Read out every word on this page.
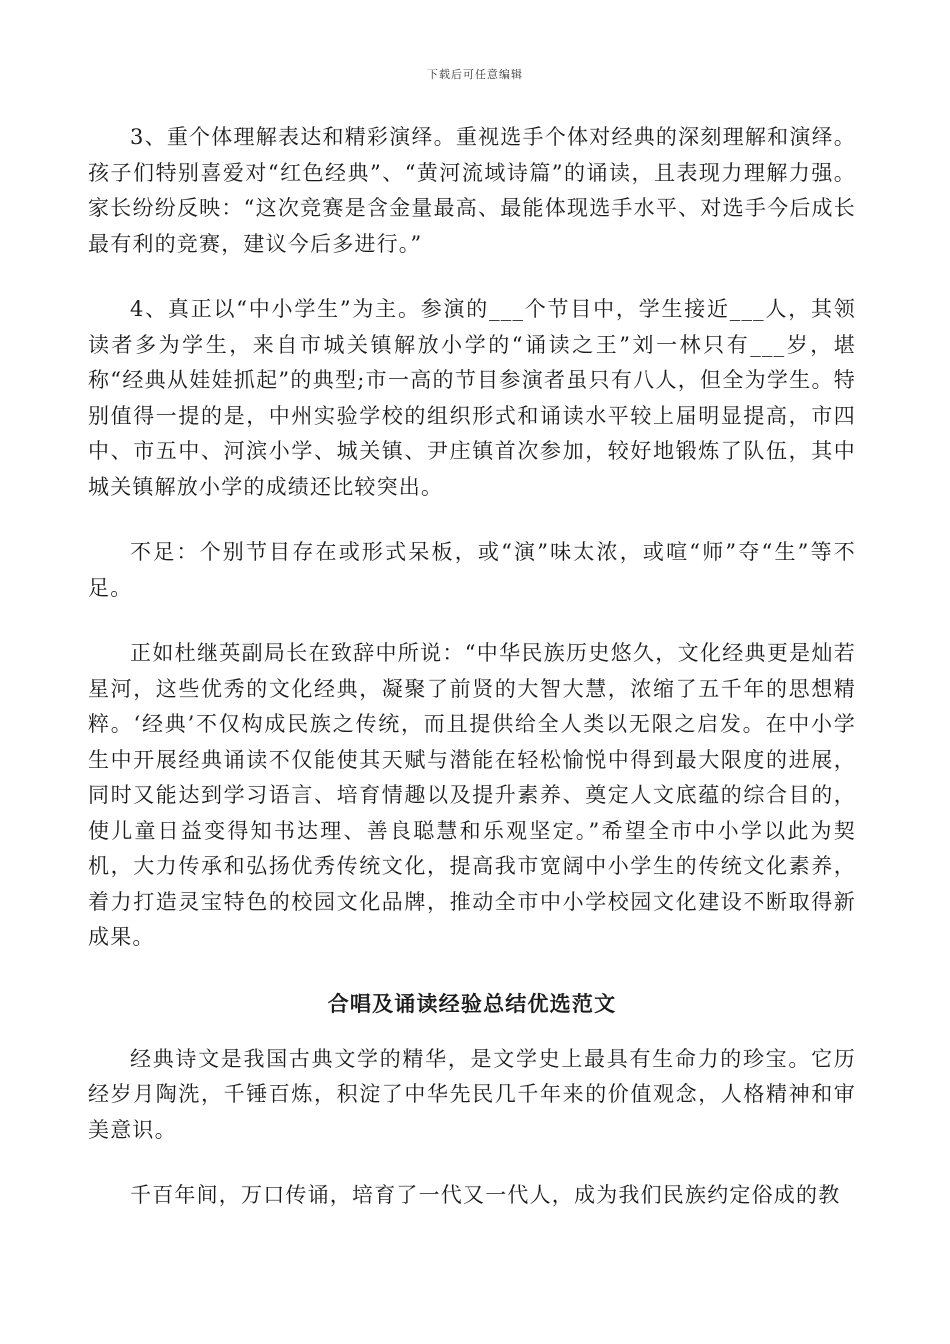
下载后可任意编辑

3、重个体理解表达和精彩演绎。重视选手个体对经典的深刻理解和演绎。孩子们特别喜爱对“红色经典”、“黄河流域诗篇”的诵读，且表现力理解力强。家长纷纷反映：“这次竞赛是含金量最高、最能体现选手水平、对选手今后成长最有利的竞赛，建议今后多进行。”

4、真正以“中小学生”为主。参演的___个节目中，学生接近___人，其领读者多为学生，来自市城关镇解放小学的“诵读之王”刘一林只有___岁，堪称“经典从娃娃抓起”的典型;市一高的节目参演者虽只有八人，但全为学生。特别值得一提的是，中州实验学校的组织形式和诵读水平较上届明显提高，市四中、市五中、河滨小学、城关镇、尹庄镇首次参加，较好地锻炼了队伍，其中城关镇解放小学的成绩还比较突出。

不足：个别节目存在或形式呆板，或“演”味太浓，或喧“师”夺“生”等不足。

正如杜继英副局长在致辞中所说：“中华民族历史悠久，文化经典更是灿若星河，这些优秀的文化经典，凝聚了前贤的大智大慧，浓缩了五千年的思想精粹。‘经典’不仅构成民族之传统，而且提供给全人类以无限之启发。在中小学生中开展经典诵读不仅能使其天赋与潜能在轻松愉悦中得到最大限度的进展，同时又能达到学习语言、培育情趣以及提升素养、奠定人文底蕴的综合目的，使儿童日益变得知书达理、善良聪慧和乐观坚定。”希望全市中小学以此为契机，大力传承和弘扬优秀传统文化，提高我市宽阔中小学生的传统文化素养，着力打造灵宝特色的校园文化品牌，推动全市中小学校园文化建设不断取得新成果。

合唱及诵读经验总结优选范文

经典诗文是我国古典文学的精华，是文学史上最具有生命力的珍宝。它历经岁月陶洗，千锤百炼，积淀了中华先民几千年来的价值观念，人格精神和审美意识。

千百年间，万口传诵，培育了一代又一代人，成为我们民族约定俗成的教
